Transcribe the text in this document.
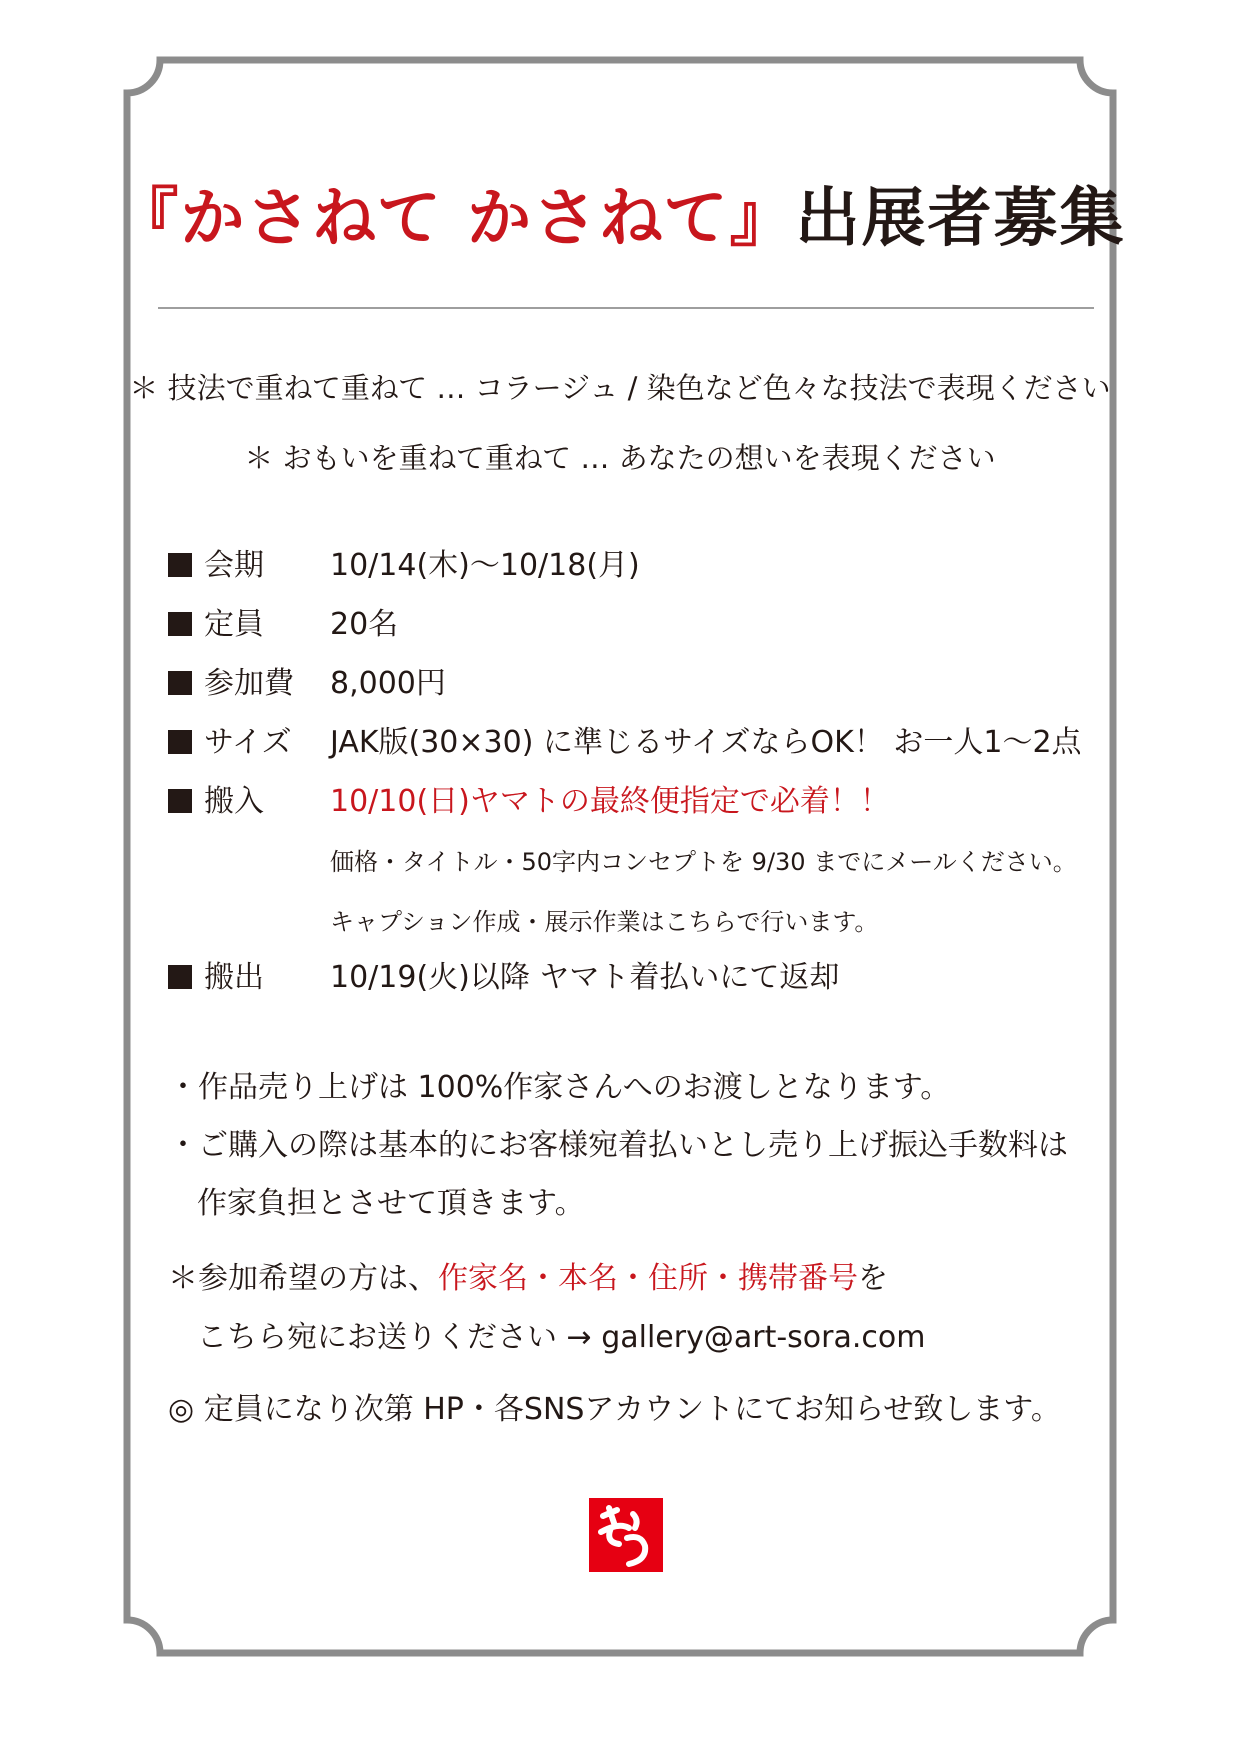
『かさねて かさねて』出展者募集
＊ 技法で重ねて重ねて … コラージュ / 染色など色々な技法で表現ください
＊ おもいを重ねて重ねて … あなたの想いを表現ください
会期 10/14(木)〜10/18(月)
定員 20名
参加費 8,000円
サイズ JAK版(30×30) に準じるサイズならOK！ お一人1〜2点
搬入 10/10(日)ヤマトの最終便指定で必着！！
価格・タイトル・50字内コンセプトを 9/30 までにメールください。
キャプション作成・展示作業はこちらで行います。
搬出 10/19(火)以降 ヤマト着払いにて返却
・作品売り上げは 100%作家さんへのお渡しとなります。
・ご購入の際は基本的にお客様宛着払いとし売り上げ振込手数料は
作家負担とさせて頂きます。
＊参加希望の方は、作家名・本名・住所・携帯番号を
こちら宛にお送りください → gallery@art-sora.com
◎ 定員になり次第 HP・各SNSアカウントにてお知らせ致します。
